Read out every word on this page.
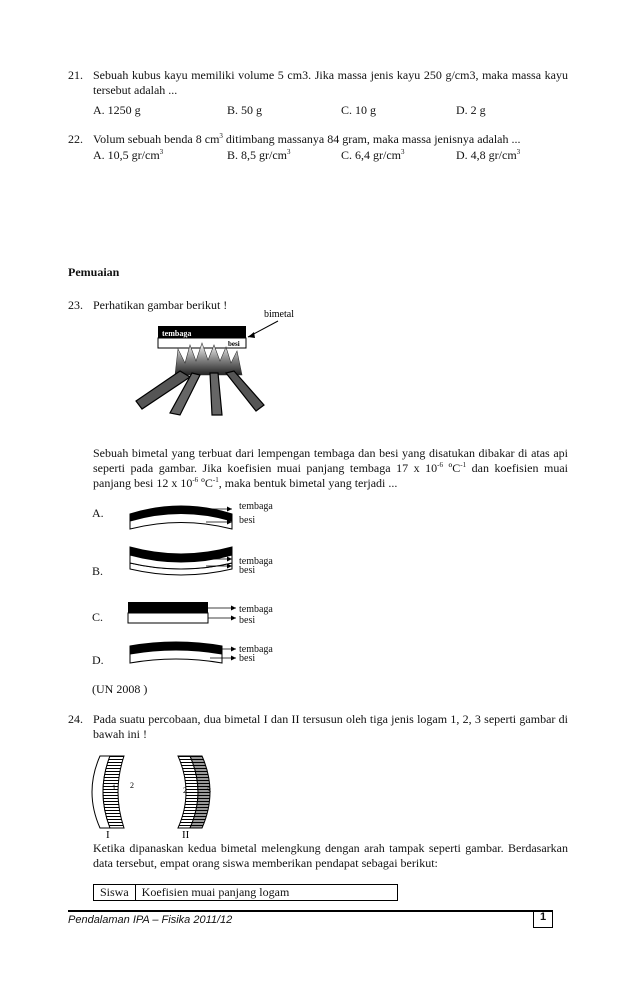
21. Sebuah kubus kayu memiliki volume 5 cm3. Jika massa jenis kayu 250 g/cm3, maka massa kayu tersebut adalah ...
A. 1250 g	B. 50 g	C. 10 g	D. 2 g
22. Volum sebuah benda 8 $cm^3$ ditimbang massanya 84 gram, maka massa jenisnya adalah ...
A. 10,5 $gr/cm^3$	B. 8,5 $gr/cm^3$	C. 6,4 $gr/cm^3$	D. 4,8 $gr/cm^3$
Pemuaian
23. Perhatikan gambar berikut !
bimetal
tembaga
besi
Sebuah bimetal yang terbuat dari lempengan tembaga dan besi yang disatukan dibakar di atas api seperti pada gambar. Jika koefisien muai panjang tembaga 17 x $10^{-6}$ ºC$^{-1}$ dan koefisien muai panjang besi 12 x $10^{-6}$ ºC$^{-1}$, maka bentuk bimetal yang terjadi ...
A.	tembaga
besi
B.
tembaga
besi
C.
tembaga
besi
D.
tembaga
besi
(UN 2008 )
24. Pada suatu percobaan, dua bimetal I dan II tersusun oleh tiga jenis logam 1, 2, 3 seperti gambar di bawah ini !
1 2
2	3
I	II
Ketika dipanaskan kedua bimetal melengkung dengan arah tampak seperti gambar. Berdasarkan data tersebut, empat orang siswa memberikan pendapat sebagai berikut:
Siswa	Koefisien muai panjang logam
Pendalaman IPA – Fisika 2011/12	1
